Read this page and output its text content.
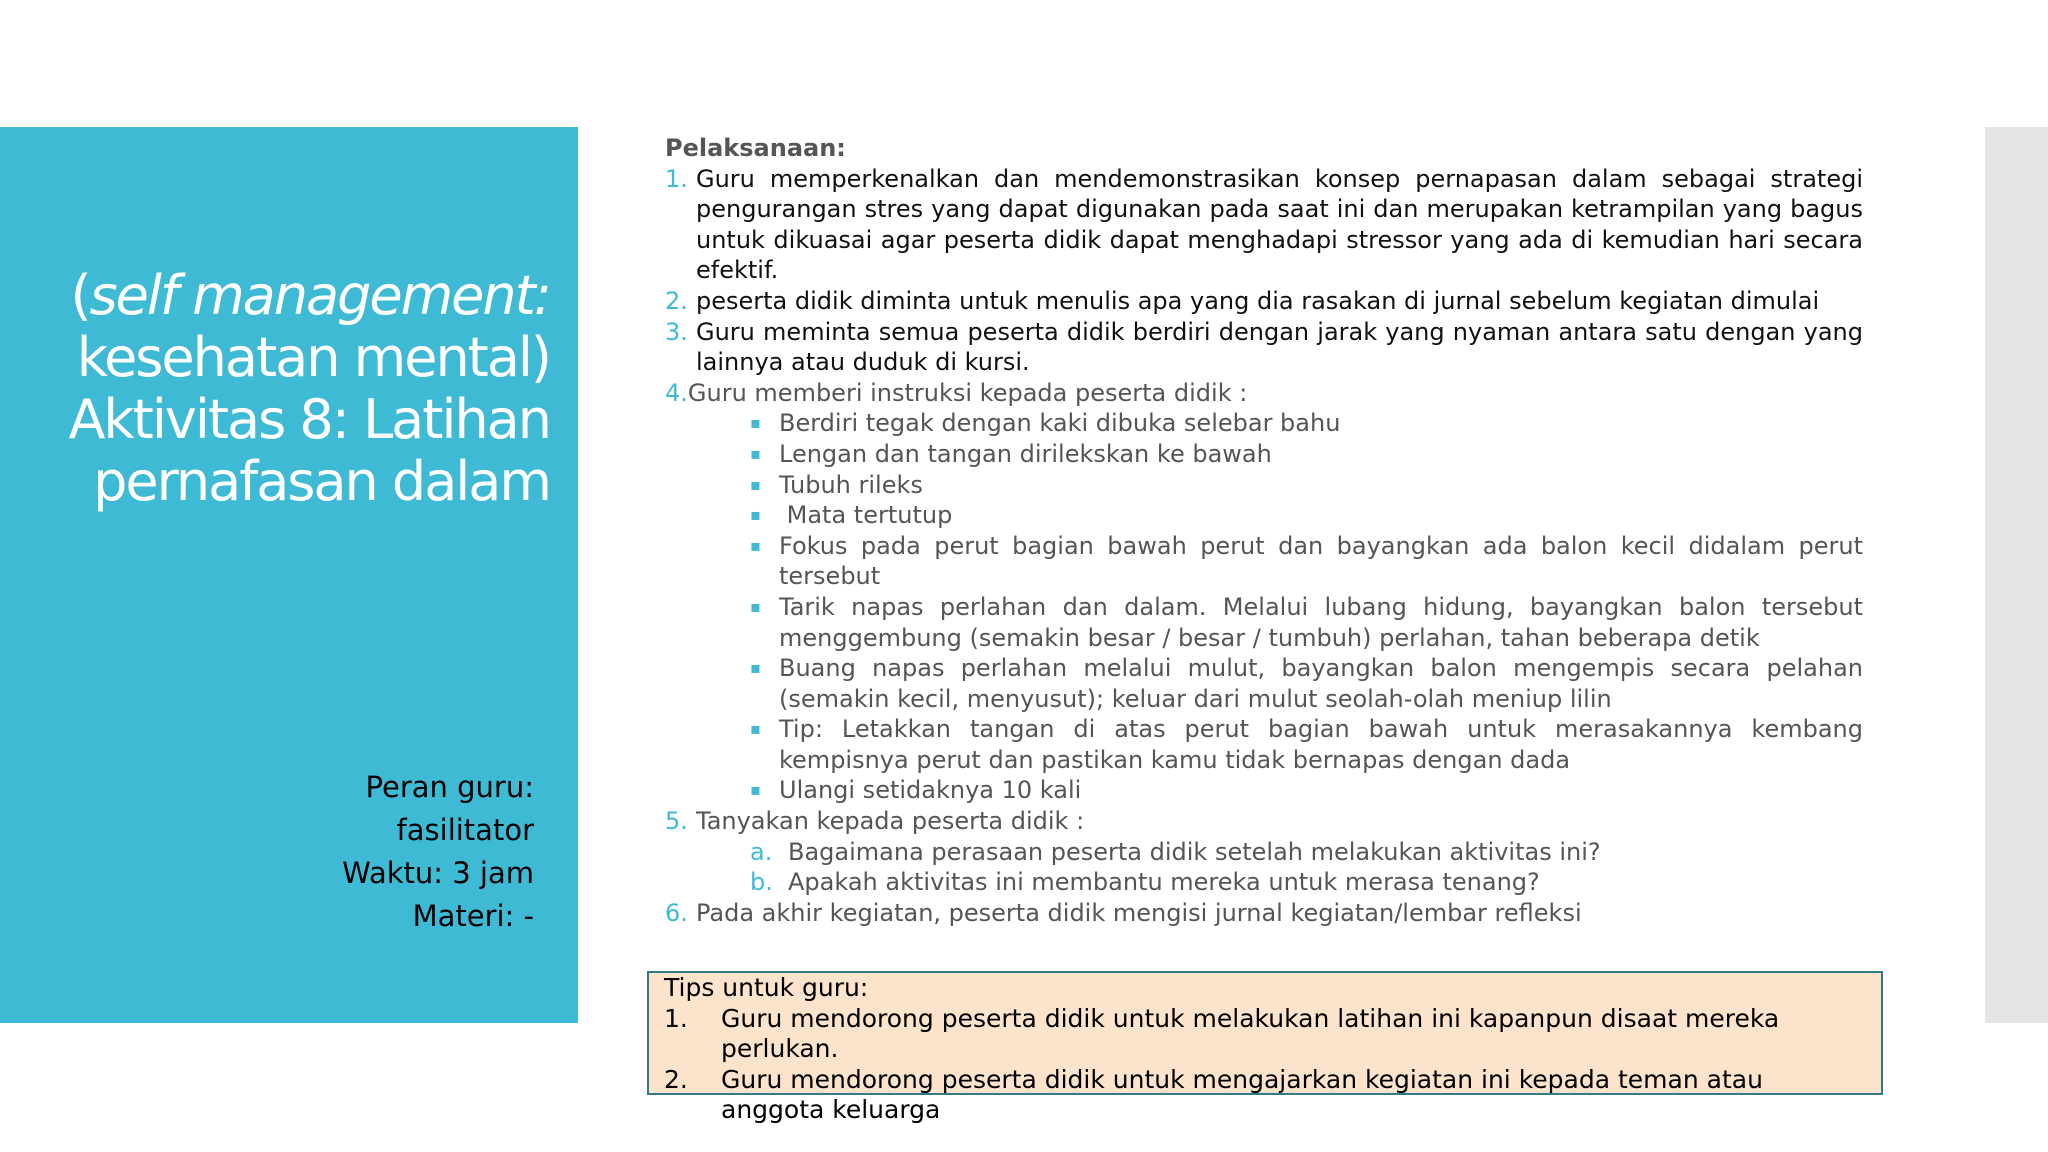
(self management:
kesehatan mental)
Aktivitas 8: Latihan
pernafasan dalam
Peran guru:
fasilitator
Waktu: 3 jam
Materi: -
Pelaksanaan:
1. Guru memperkenalkan dan mendemonstrasikan konsep pernapasan dalam sebagai strategi pengurangan stres yang dapat digunakan pada saat ini dan merupakan ketrampilan yang bagus untuk dikuasai agar peserta didik dapat menghadapi stressor yang ada di kemudian hari secara efektif.
2. peserta didik diminta untuk menulis apa yang dia rasakan di jurnal sebelum kegiatan dimulai
3. Guru meminta semua peserta didik berdiri dengan jarak yang nyaman antara satu dengan yang lainnya atau duduk di kursi.
4. Guru memberi instruksi kepada peserta didik :
▪ Berdiri tegak dengan kaki dibuka selebar bahu
▪ Lengan dan tangan dirilekskan ke bawah
▪ Tubuh rileks
▪ Mata tertutup
▪ Fokus pada perut bagian bawah perut dan bayangkan ada balon kecil didalam perut tersebut
▪ Tarik napas perlahan dan dalam. Melalui lubang hidung, bayangkan balon tersebut menggembung (semakin besar / besar / tumbuh) perlahan, tahan beberapa detik
▪ Buang napas perlahan melalui mulut, bayangkan balon mengempis secara pelahan (semakin kecil, menyusut); keluar dari mulut seolah-olah meniup lilin
▪ Tip: Letakkan tangan di atas perut bagian bawah untuk merasakannya kembang kempisnya perut dan pastikan kamu tidak bernapas dengan dada
▪ Ulangi setidaknya 10 kali
5. Tanyakan kepada peserta didik :
a. Bagaimana perasaan peserta didik setelah melakukan aktivitas ini?
b. Apakah aktivitas ini membantu mereka untuk merasa tenang?
6. Pada akhir kegiatan, peserta didik mengisi jurnal kegiatan/lembar refleksi
Tips untuk guru:
1.	Guru mendorong peserta didik untuk melakukan latihan ini kapanpun disaat mereka perlukan.
2.	Guru mendorong peserta didik untuk mengajarkan kegiatan ini kepada teman atau anggota keluarga
